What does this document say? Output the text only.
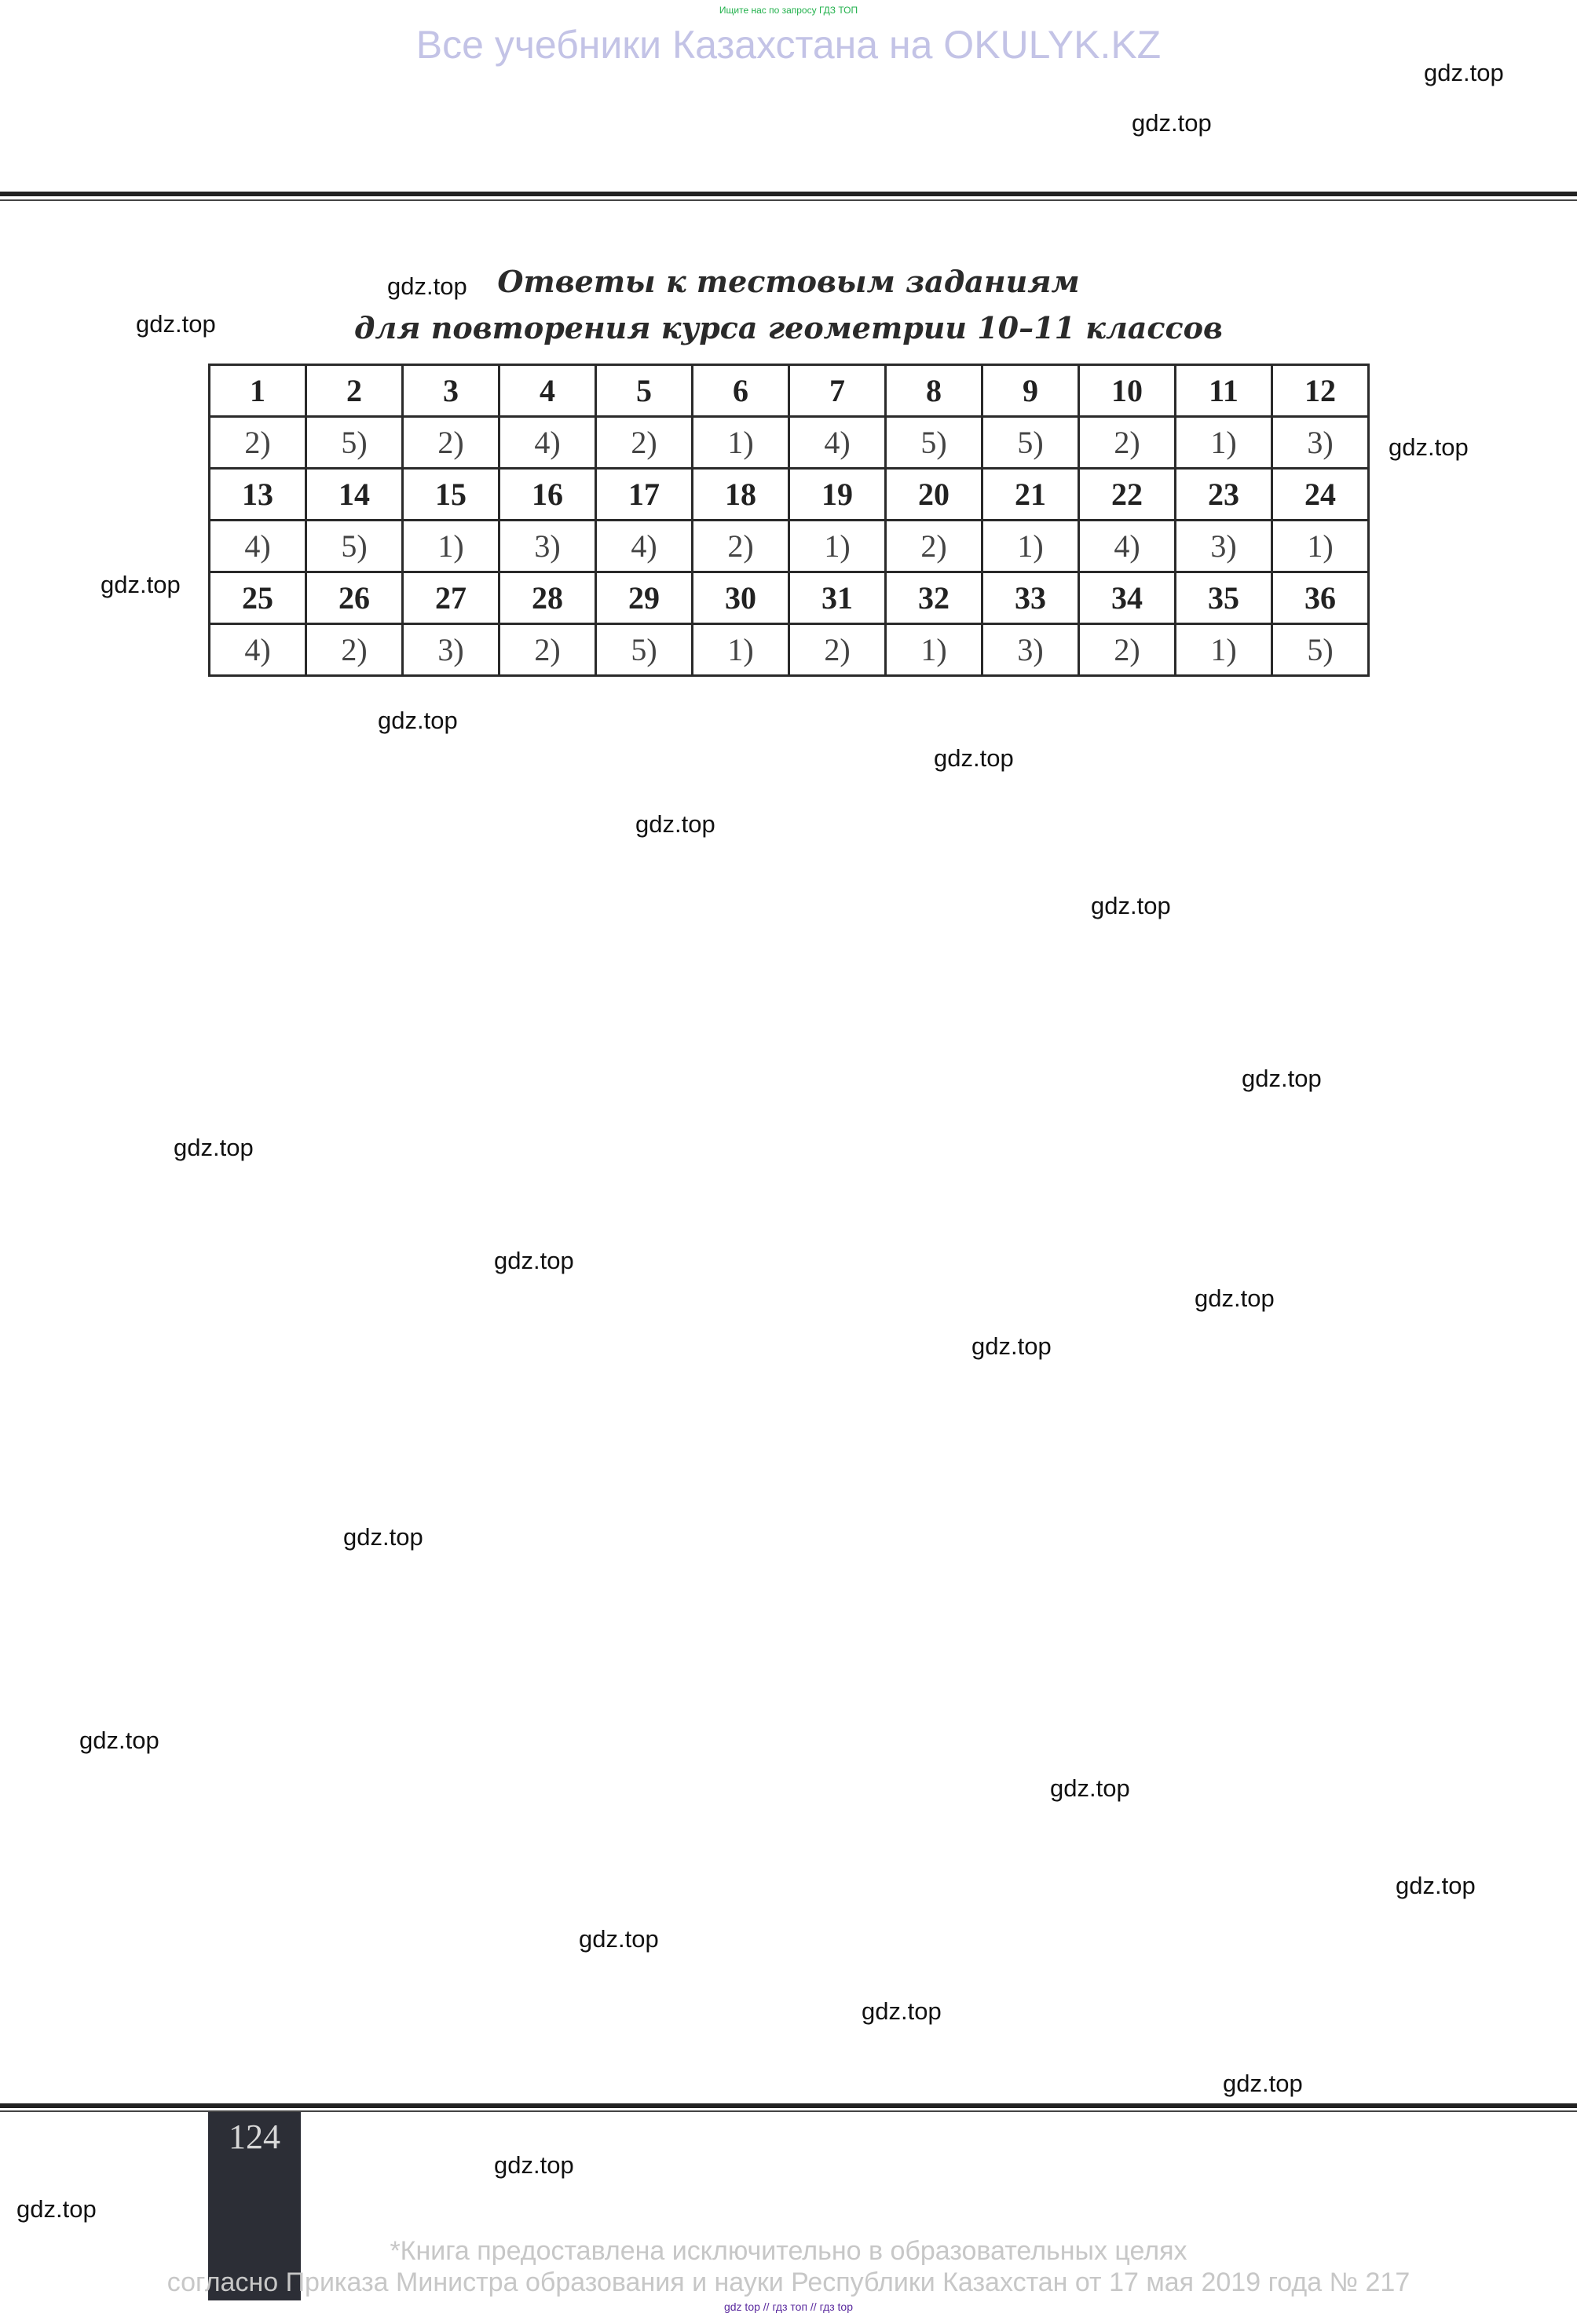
Ищите нас по запросу ГДЗ ТОП
Все учебники Казахстана на OKULYK.KZ
Ответы к тестовым заданиям
для повторения курса геометрии 10–11 классов
1	2	3	4	5	6	7	8	9	10	11	12
2)	5)	2)	4)	2)	1)	4)	5)	5)	2)	1)	3)
13	14	15	16	17	18	19	20	21	22	23	24
4)	5)	1)	3)	4)	2)	1)	2)	1)	4)	3)	1)
25	26	27	28	29	30	31	32	33	34	35	36
4)	2)	3)	2)	5)	1)	2)	1)	3)	2)	1)	5)
gdz.top
gdz.top
gdz.top
gdz.top
gdz.top
gdz.top
gdz.top
gdz.top
gdz.top
gdz.top
gdz.top
gdz.top
gdz.top
gdz.top
gdz.top
gdz.top
gdz.top
gdz.top
gdz.top
gdz.top
gdz.top
gdz.top
gdz.top
gdz.top
124
*Книга предоставлена исключительно в образовательных целях
согласно Приказа Министра образования и науки Республики Казахстан от 17 мая 2019 года № 217
gdz top // гдз топ // гдз top
